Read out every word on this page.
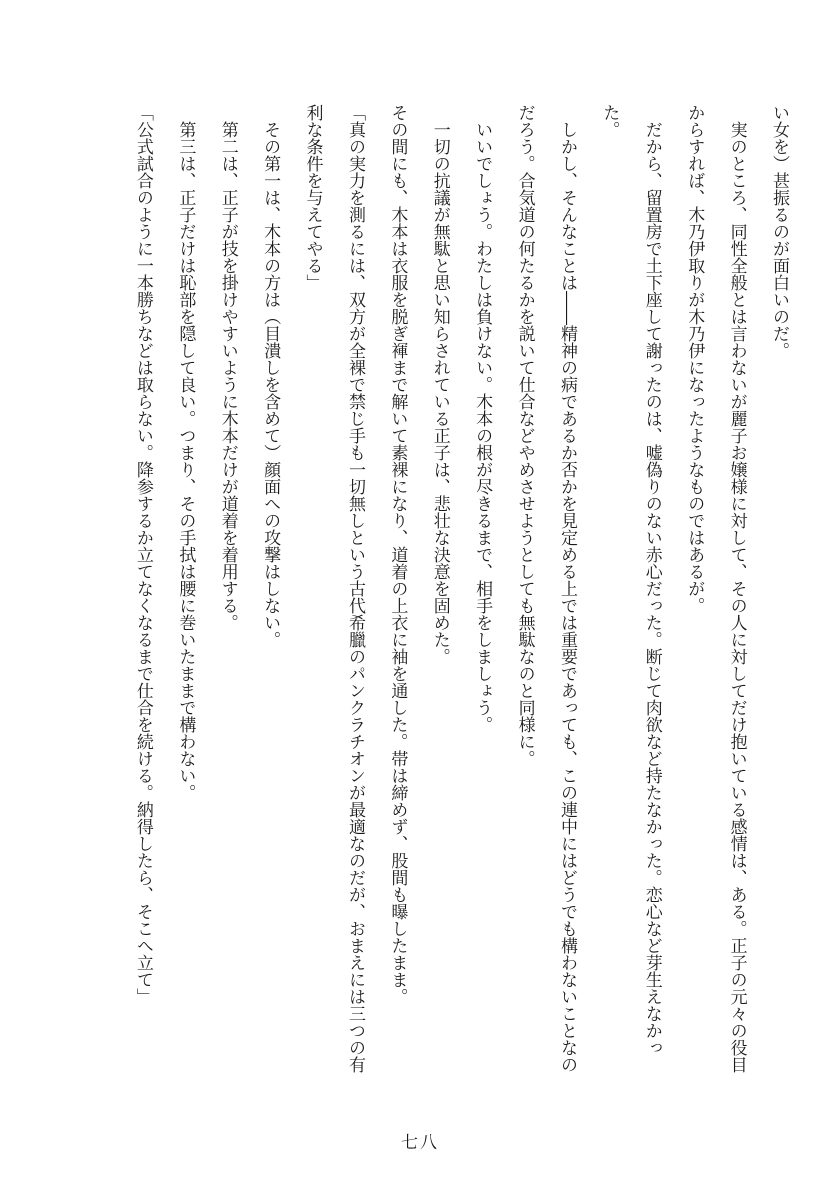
い女を）甚振るのが面白いのだ。

実のところ、同性全般とは言わないが麗子お嬢様に対して、その人に対してだけ抱いている感情は、ある。正子の元々の役目からすれば、木乃伊取りが木乃伊になったようなものではあるが。

だから、留置房で土下座して謝ったのは、嘘偽りのない赤心だった。断じて肉欲など持たなかった。恋心など芽生えなかった。

しかし、そんなことは――精神の病であるか否かを見定める上では重要であっても、この連中にはどうでも構わないことなのだろう。合気道の何たるかを説いて仕合などやめさせようとしても無駄なのと同様に。

いいでしょう。わたしは負けない。木本の根が尽きるまで、相手をしましょう。

一切の抗議が無駄と思い知らされている正子は、悲壮な決意を固めた。

その間にも、木本は衣服を脱ぎ褌まで解いて素裸になり、道着の上衣に袖を通した。帯は締めず、股間も曝したまま。

「真の実力を測るには、双方が全裸で禁じ手も一切無しという古代希臘のパンクラチオンが最適なのだが、おまえには三つの有利な条件を与えてやる」

その第一は、木本の方は（目潰しを含めて）顔面への攻撃はしない。

第二は、正子が技を掛けやすいように木本だけが道着を着用する。

第三は、正子だけは恥部を隠して良い。つまり、その手拭は腰に巻いたままで構わない。

「公式試合のように一本勝ちなどは取らない。降参するか立てなくなるまで仕合を続ける。納得したら、そこへ立て」

七八
